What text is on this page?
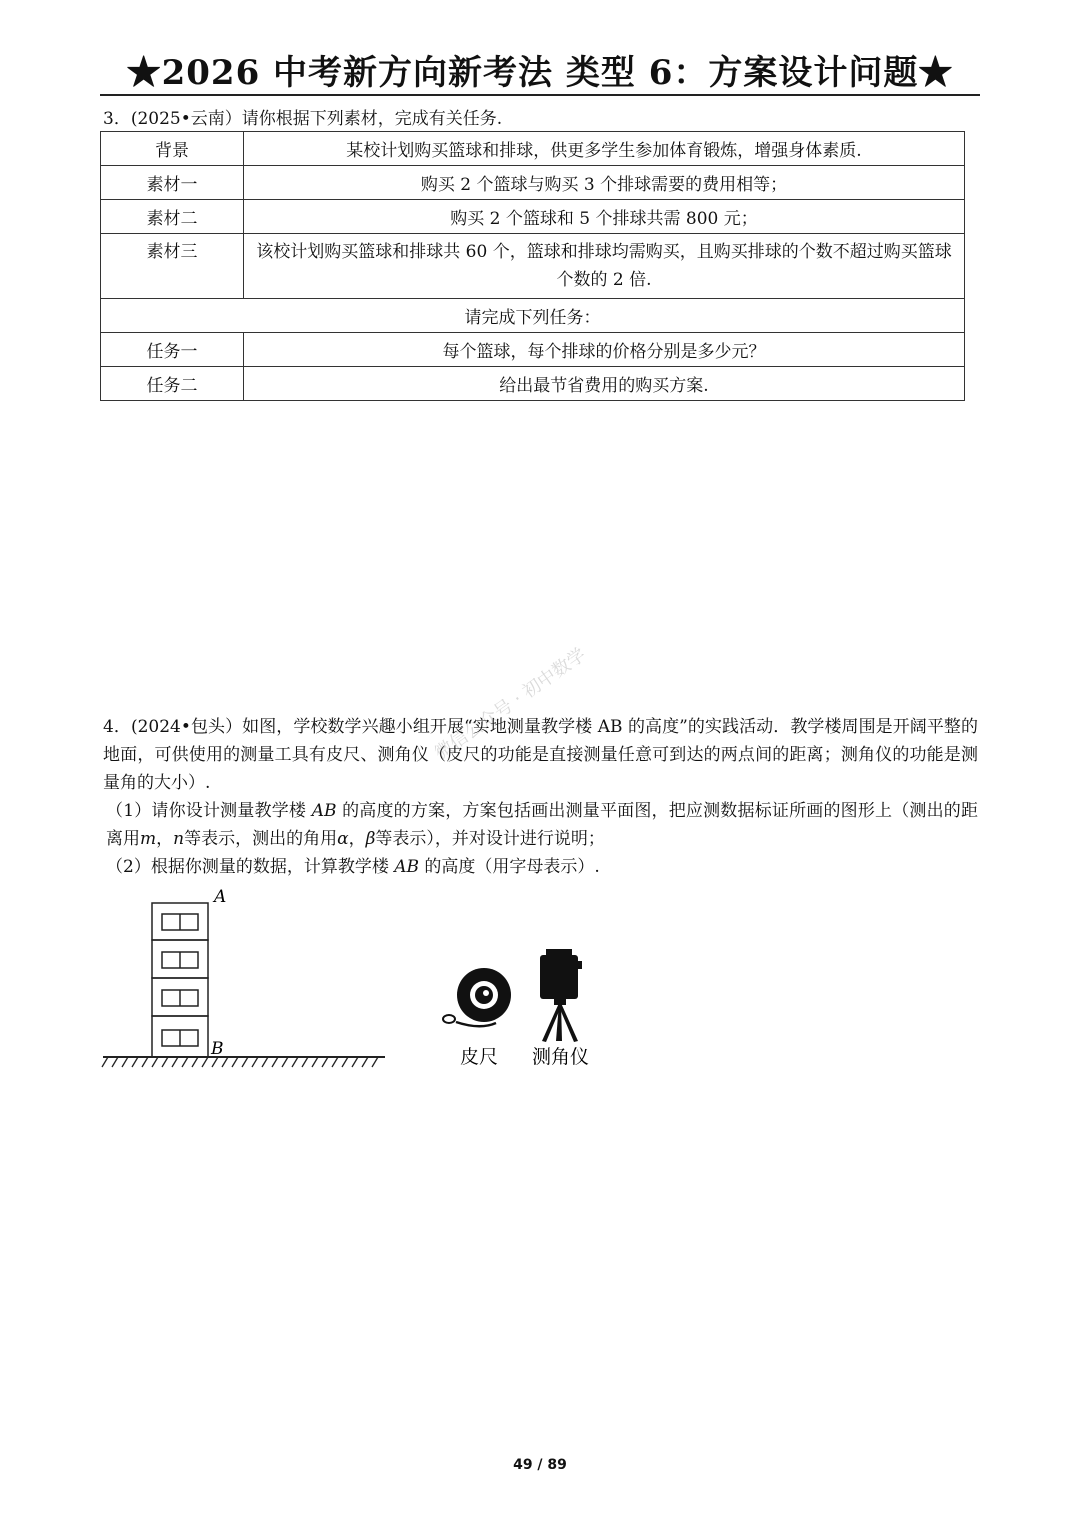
★2026 中考新方向新考法 类型 6：方案设计问题★
3．(2025•云南）请你根据下列素材，完成有关任务.
背景	某校计划购买篮球和排球，供更多学生参加体育锻炼，增强身体素质.
素材一	购买 2 个篮球与购买 3 个排球需要的费用相等；
素材二	购买 2 个篮球和 5 个排球共需 800 元；
素材三	该校计划购买篮球和排球共 60 个，篮球和排球均需购买，且购买排球的个数不超过购买篮球个数的 2 倍.
请完成下列任务：	
任务一	每个篮球，每个排球的价格分别是多少元？
任务二	给出最节省费用的购买方案.
微信公众号 · 初中数学

4．(2024•包头）如图，学校数学兴趣小组开展“实地测量教学楼 AB 的高度”的实践活动．教学楼周围是开阔平整的地面，可供使用的测量工具有皮尺、测角仪（皮尺的功能是直接测量任意可到达的两点间的距离；测角仪的功能是测量角的大小）.

（1）请你设计测量教学楼 AB 的高度的方案，方案包括画出测量平面图，把应测数据标证所画的图形上（测出的距离用m，n等表示，测出的角用α，β等表示），并对设计进行说明；

（2）根据你测量的数据，计算教学楼 AB 的高度（用字母表示）.

A
B	皮尺 测角仪
49 / 89
